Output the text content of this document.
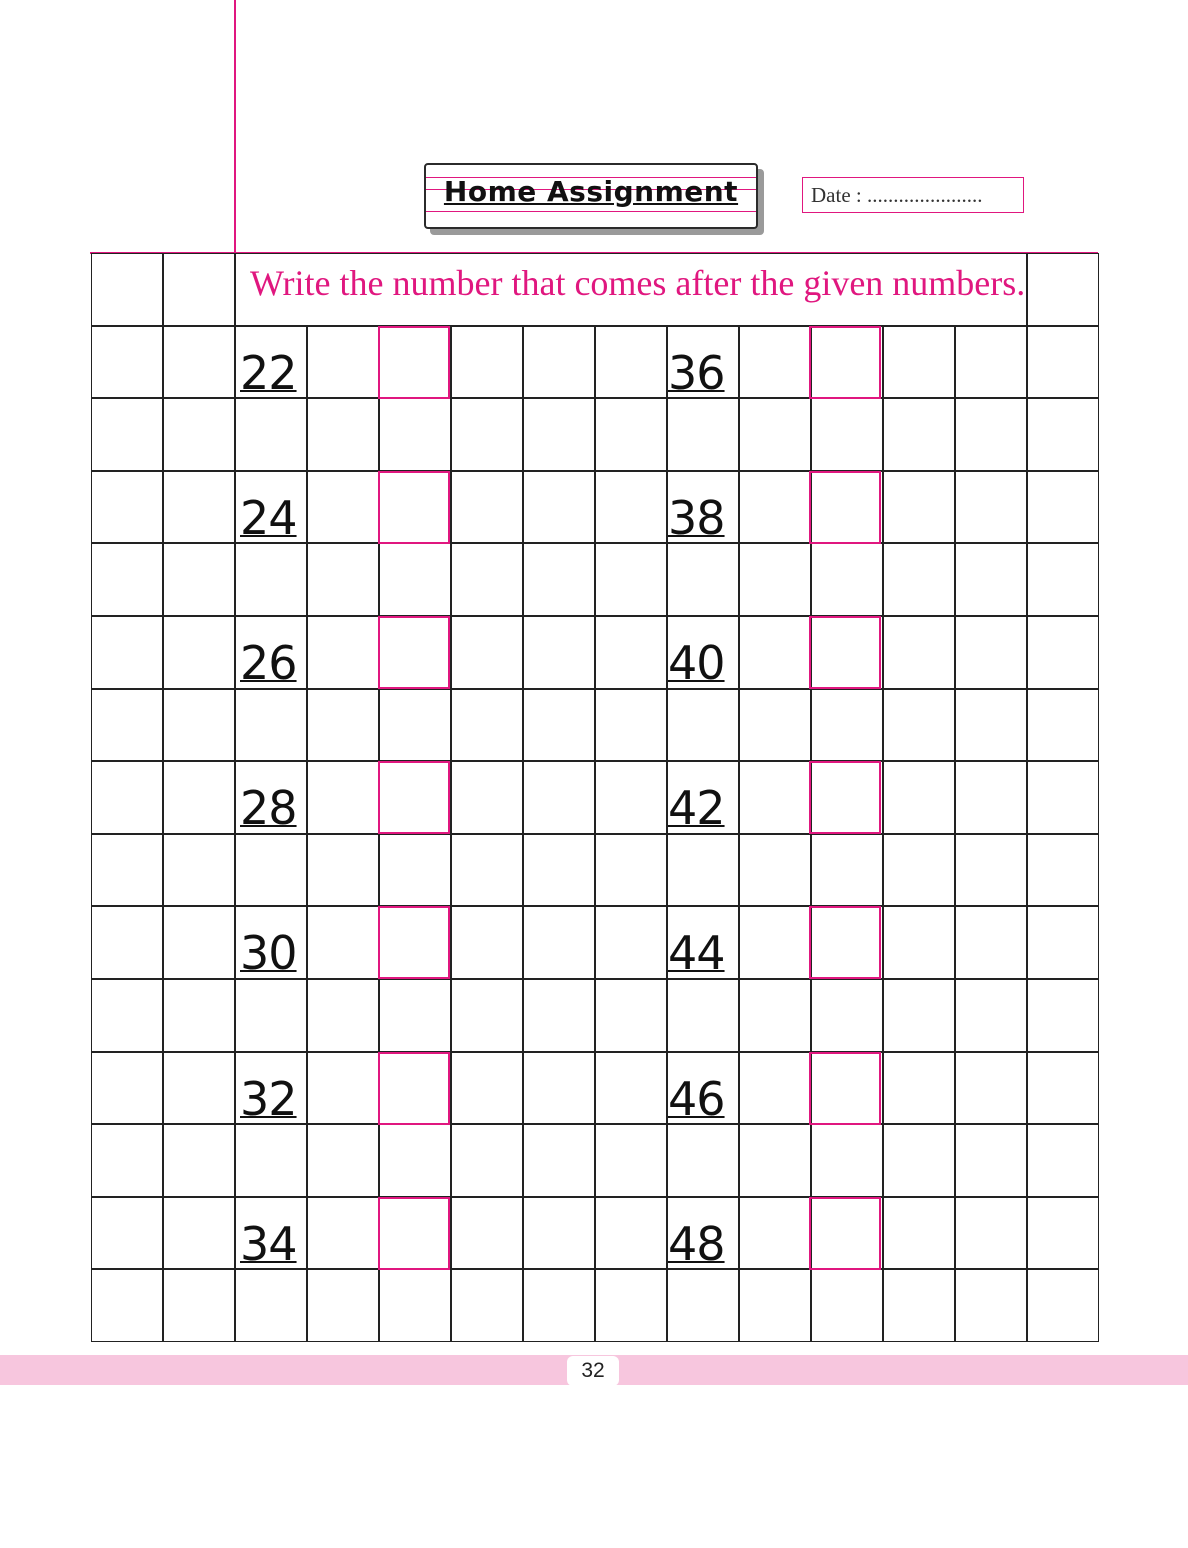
Home Assignment	Date : ......................
Write the number that comes after the given numbers.
22	36
24	38
26	40
28	42
30	44
32	46
34	48
32
